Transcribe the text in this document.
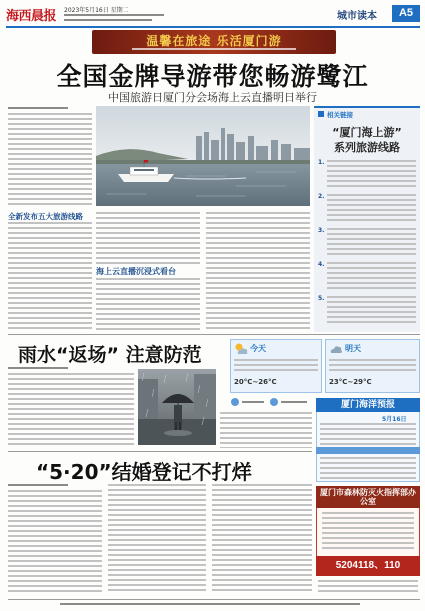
海西晨报 2023年5月16日 星期二
城市读本	A5
温馨在旅途 乐活厦门游
全国金牌导游带您畅游鹭江
中国旅游日厦门分会场海上云直播明日举行
全新发布五大旅游线路
海上云直播沉浸式看台
相关链接
“厦门海上游”
系列旅游线路
1.
2.
3.
4.
5.
雨水“返场” 注意防范	今天
20°C~26°C
明天
23°C~29°C
厦门海洋预报
5月16日
“5·20”结婚登记不打烊
厦门市森林防灭火指挥部办公室
5204118、110
